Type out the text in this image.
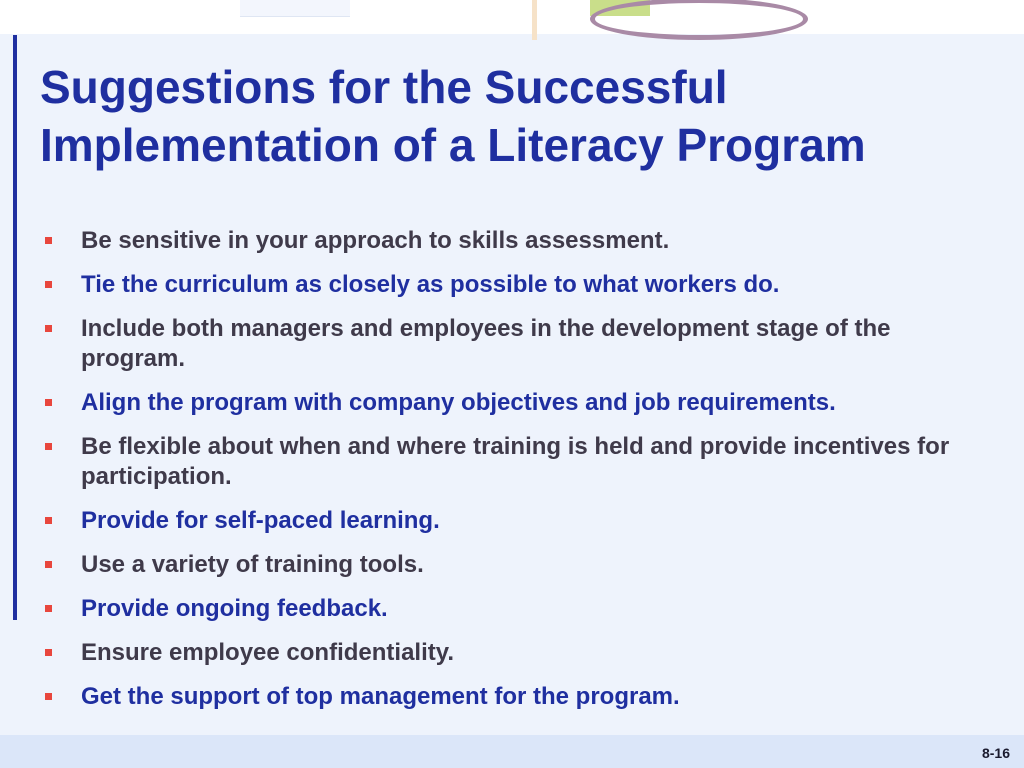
Suggestions for the Successful
Implementation of a Literacy Program
Be sensitive in your approach to skills assessment.
Tie the curriculum as closely as possible to what workers do.
Include both managers and employees in the development stage of the program.
Align the program with company objectives and job requirements.
Be flexible about when and where training is held and provide incentives for participation.
Provide for self-paced learning.
Use a variety of training tools.
Provide ongoing feedback.
Ensure employee confidentiality.
Get the support of top management for the program.
8-16
